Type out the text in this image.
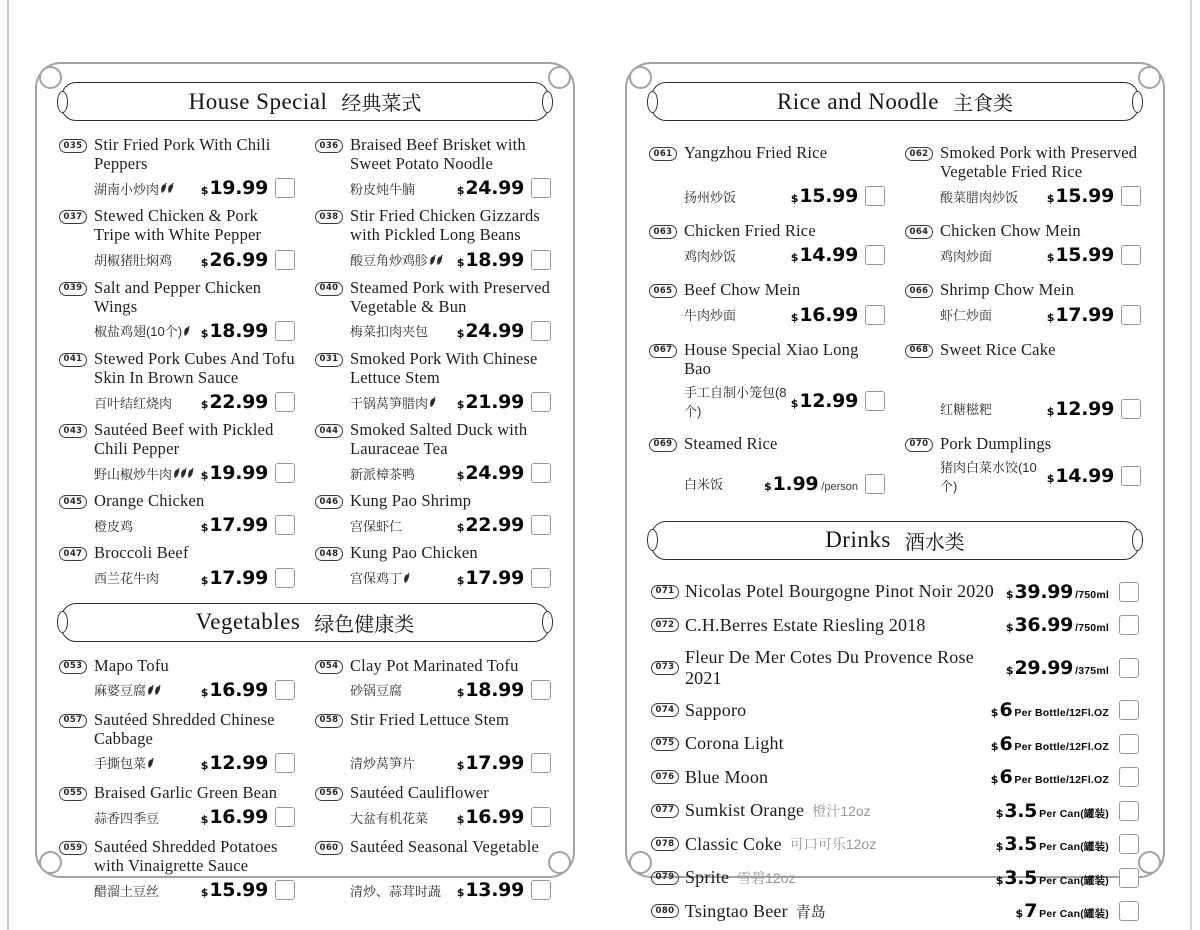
House Special 经典菜式
035 Stir Fried Pork With Chili Peppers
湖南小炒肉	$ 19.99
036 Braised Beef Brisket with Sweet Potato Noodle
粉皮炖牛腩	$ 24.99
037 Stewed Chicken & Pork Tripe with White Pepper
胡椒猪肚焖鸡	$ 26.99
038 Stir Fried Chicken Gizzards with Pickled Long Beans
酸豆角炒鸡胗	$ 18.99
039 Salt and Pepper Chicken Wings
椒盐鸡翅(10个) $ 18.99
040 Steamed Pork with Preserved Vegetable & Bun
梅菜扣肉夹包	$ 24.99
041 Stewed Pork Cubes And Tofu Skin In Brown Sauce
百叶结红烧肉	$ 22.99
031 Smoked Pork With Chinese Lettuce Stem
干锅莴笋腊肉	$ 21.99
043 Sautéed Beef with Pickled Chili Pepper
野山椒炒牛肉	$ 19.99
044 Smoked Salted Duck with Lauraceae Tea
新派樟茶鸭	$ 24.99
045 Orange Chicken
橙皮鸡	$ 17.99
046 Kung Pao Shrimp
宫保虾仁	$ 22.99
047 Broccoli Beef
西兰花牛肉	$ 17.99
048 Kung Pao Chicken
宫保鸡丁	$ 17.99
Vegetables 绿色健康类
053 Mapo Tofu
麻婆豆腐	$ 16.99
054 Clay Pot Marinated Tofu
砂锅豆腐	$ 18.99
057 Sautéed Shredded Chinese Cabbage
手撕包菜	$ 12.99
058 Stir Fried Lettuce Stem
清炒莴笋片	$ 17.99
055 Braised Garlic Green Bean
蒜香四季豆	$ 16.99
056 Sautéed Cauliflower
大盆有机花菜	$ 16.99
059 Sautéed Shredded Potatoes with Vinaigrette Sauce
醋溜土豆丝	$ 15.99
060 Sautéed Seasonal Vegetable
清炒、蒜茸时蔬 $ 13.99
Rice and Noodle 主食类
061 Yangzhou Fried Rice
扬州炒饭	$ 15.99
062 Smoked Pork with Preserved Vegetable Fried Rice
酸菜腊肉炒饭	$ 15.99
063 Chicken Fried Rice
鸡肉炒饭	$ 14.99
064 Chicken Chow Mein
鸡肉炒面	$ 15.99
065 Beef Chow Mein
牛肉炒面	$ 16.99
066 Shrimp Chow Mein
虾仁炒面	$ 17.99
067 House Special Xiao Long Bao
手工自制小笼包(8个)
$ 12.99
068 Sweet Rice Cake
红糖糍粑	$ 12.99
069 Steamed Rice
白米饭	$ 1.99 /person
070 Pork Dumplings
猪肉白菜水饺(10个)
$ 14.99
Drinks 酒水类
071 Nicolas Potel Bourgogne Pinot Noir 2020 $ 39.99 /750ml
072 C.H.Berres Estate Riesling 2018	$ 36.99 /750ml
073
Fleur De Mer Cotes Du Provence Rose 2021	$ 29.99 /375ml
074 Sapporo	$ 6 Per Bottle/12Fl.OZ
075 Corona Light	$ 6 Per Bottle/12Fl.OZ
076 Blue Moon	$ 6 Per Bottle/12Fl.OZ
077 Sumkist Orange 橙汁12oz	$ 3.5 Per Can(罐装)
078 Classic Coke 可口可乐12oz	$ 3.5 Per Can(罐装)
079 Sprite 雪碧12oz	$ 3.5 Per Can(罐装)
080 Tsingtao Beer 青岛	$ 7 Per Can(罐装)
